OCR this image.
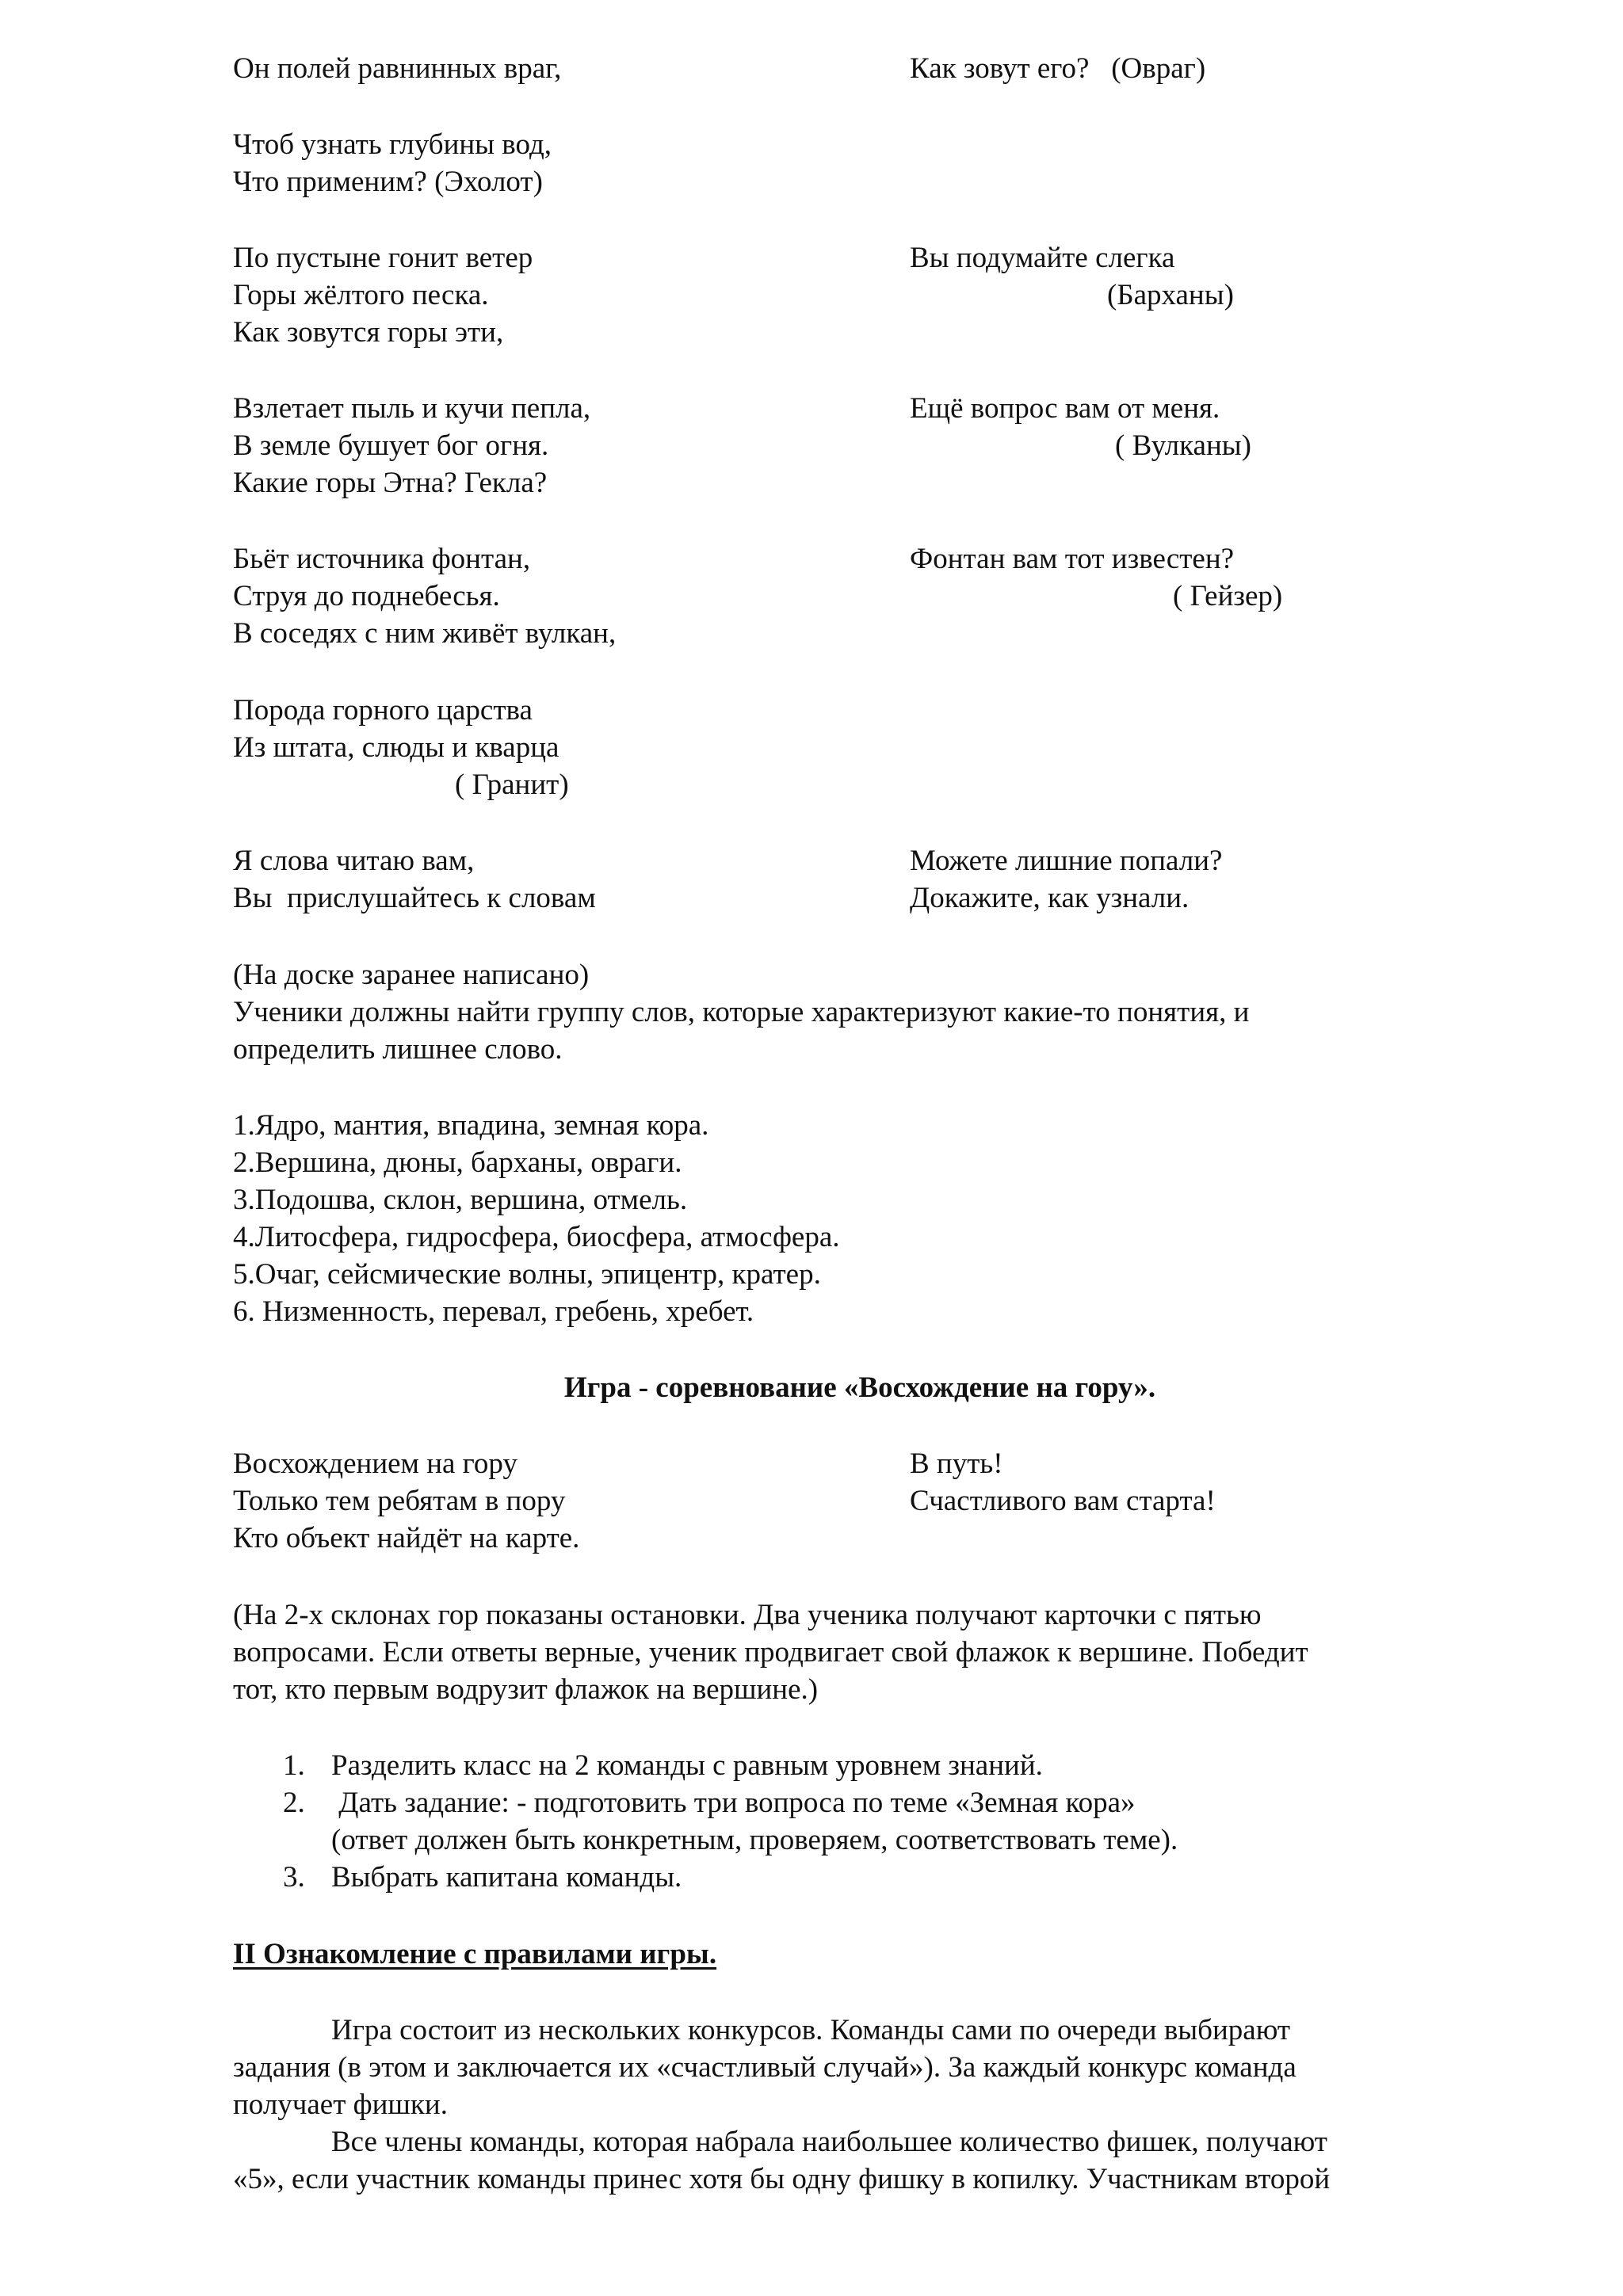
Он полей равнинных враг,	Как зовут его?   (Овраг)

Чтоб узнать глубины вод,

Что применим? (Эхолот)

По пустыне гонит ветер

Горы жёлтого песка.

Как зовутся горы эти,

Вы подумайте слегка

(Барханы)

Взлетает пыль и кучи пепла,

В земле бушует бог огня.

Какие горы Этна? Гекла?

Ещё вопрос вам от меня.

( Вулканы)

Бьёт источника фонтан,

Струя до поднебесья.

В соседях с ним живёт вулкан,

Фонтан вам тот известен?

( Гейзер)

Порода горного царства

Из штата, слюды и кварца

( Гранит)

Я слова читаю вам,

Вы  прислушайтесь к словам

Можете лишние попали?

Докажите, как узнали.

(На доске заранее написано)

Ученики должны найти группу слов, которые характеризуют какие-то понятия, и

определить лишнее слово.

1.Ядро, мантия, впадина, земная кора.

2.Вершина, дюны, барханы, овраги.

3.Подошва, склон, вершина, отмель.

4.Литосфера, гидросфера, биосфера, атмосфера.

5.Очаг, сейсмические волны, эпицентр, кратер.

6. Низменность, перевал, гребень, хребет.

Игра - соревнование «Восхождение на гору».

Восхождением на гору

Только тем ребятам в пору

Кто объект найдёт на карте.

В путь!

Счастливого вам старта!

(На 2-х склонах гор показаны остановки. Два ученика получают карточки с пятью

вопросами. Если ответы верные, ученик продвигает свой флажок к вершине. Победит

тот, кто первым водрузит флажок на вершине.)

1. Разделить класс на 2 команды с равным уровнем знаний.

2. Дать задание: - подготовить три вопроса по теме «Земная кора»

(ответ должен быть конкретным, проверяем, соответствовать теме).

3. Выбрать капитана команды.

II Ознакомление с правилами игры.

Игра состоит из нескольких конкурсов. Команды сами по очереди выбирают

задания (в этом и заключается их «счастливый случай»). За каждый конкурс команда

получает фишки.

Все члены команды, которая набрала наибольшее количество фишек, получают

«5», если участник команды принес хотя бы одну фишку в копилку. Участникам второй
